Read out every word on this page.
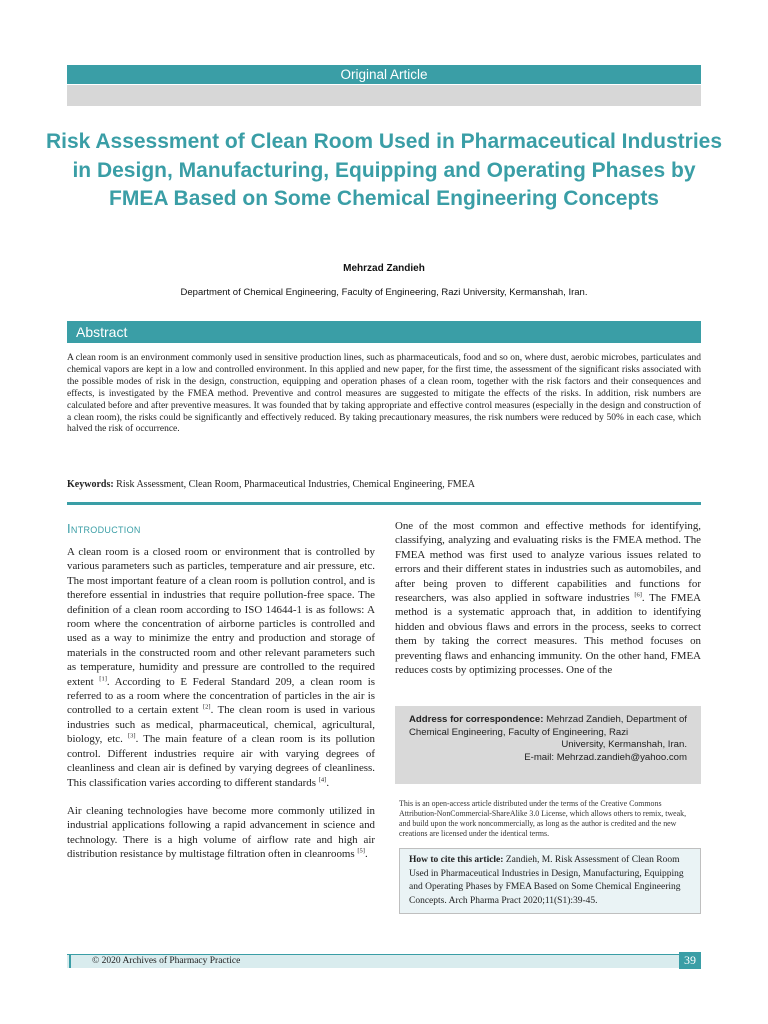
Original Article
Risk Assessment of Clean Room Used in Pharmaceutical Industries in Design, Manufacturing, Equipping and Operating Phases by FMEA Based on Some Chemical Engineering Concepts
Mehrzad Zandieh
Department of Chemical Engineering, Faculty of Engineering, Razi University, Kermanshah, Iran.
Abstract

A clean room is an environment commonly used in sensitive production lines, such as pharmaceuticals, food and so on, where dust, aerobic microbes, particulates and chemical vapors are kept in a low and controlled environment. In this applied and new paper, for the first time, the assessment of the significant risks associated with the possible modes of risk in the design, construction, equipping and operation phases of a clean room, together with the risk factors and their consequences and effects, is investigated by the FMEA method. Preventive and control measures are suggested to mitigate the effects of the risks. In addition, risk numbers are calculated before and after preventive measures. It was founded that by taking appropriate and effective control measures (especially in the design and construction of a clean room), the risks could be significantly and effectively reduced. By taking precautionary measures, the risk numbers were reduced by 50% in each case, which halved the risk of occurrence.

Keywords: Risk Assessment, Clean Room, Pharmaceutical Industries, Chemical Engineering, FMEA
Introduction

A clean room is a closed room or environment that is controlled by various parameters such as particles, temperature and air pressure, etc. The most important feature of a clean room is pollution control, and is therefore essential in industries that require pollution-free space. The definition of a clean room according to ISO 14644-1 is as follows: A room where the concentration of airborne particles is controlled and used as a way to minimize the entry and production and storage of materials in the constructed room and other relevant parameters such as temperature, humidity and pressure are controlled to the required extent [1]. According to E Federal Standard 209, a clean room is referred to as a room where the concentration of particles in the air is controlled to a certain extent [2]. The clean room is used in various industries such as medical, pharmaceutical, chemical, agricultural, biology, etc. [3]. The main feature of a clean room is its pollution control. Different industries require air with varying degrees of cleanliness and clean air is defined by varying degrees of cleanliness. This classification varies according to different standards [4].

Air cleaning technologies have become more commonly utilized in industrial applications following a rapid advancement in science and technology. There is a high volume of airflow rate and high air distribution resistance by multistage filtration often in cleanrooms [5].

One of the most common and effective methods for identifying, classifying, analyzing and evaluating risks is the FMEA method. The FMEA method was first used to analyze various issues related to errors and their different states in industries such as automobiles, and after being proven to different capabilities and functions for researchers, was also applied in software industries [6]. The FMEA method is a systematic approach that, in addition to identifying hidden and obvious flaws and errors in the process, seeks to correct them by taking the correct measures. This method focuses on preventing flaws and enhancing immunity. On the other hand, FMEA reduces costs by optimizing processes. One of the

Address for correspondence: Mehrzad Zandieh, Department of Chemical Engineering, Faculty of Engineering, Razi
University, Kermanshah, Iran.
E-mail: Mehrzad.zandieh@yahoo.com
This is an open-access article distributed under the terms of the Creative Commons Attribution-NonCommercial-ShareAlike 3.0 License, which allows others to remix, tweak, and build upon the work noncommercially, as long as the author is credited and the new creations are licensed under the identical terms.
How to cite this article: Zandieh, M. Risk Assessment of Clean Room Used in Pharmaceutical Industries in Design, Manufacturing, Equipping and Operating Phases by FMEA Based on Some Chemical Engineering Concepts. Arch Pharma Pract 2020;11(S1):39-45.
© 2020 Archives of Pharmacy Practice	39
